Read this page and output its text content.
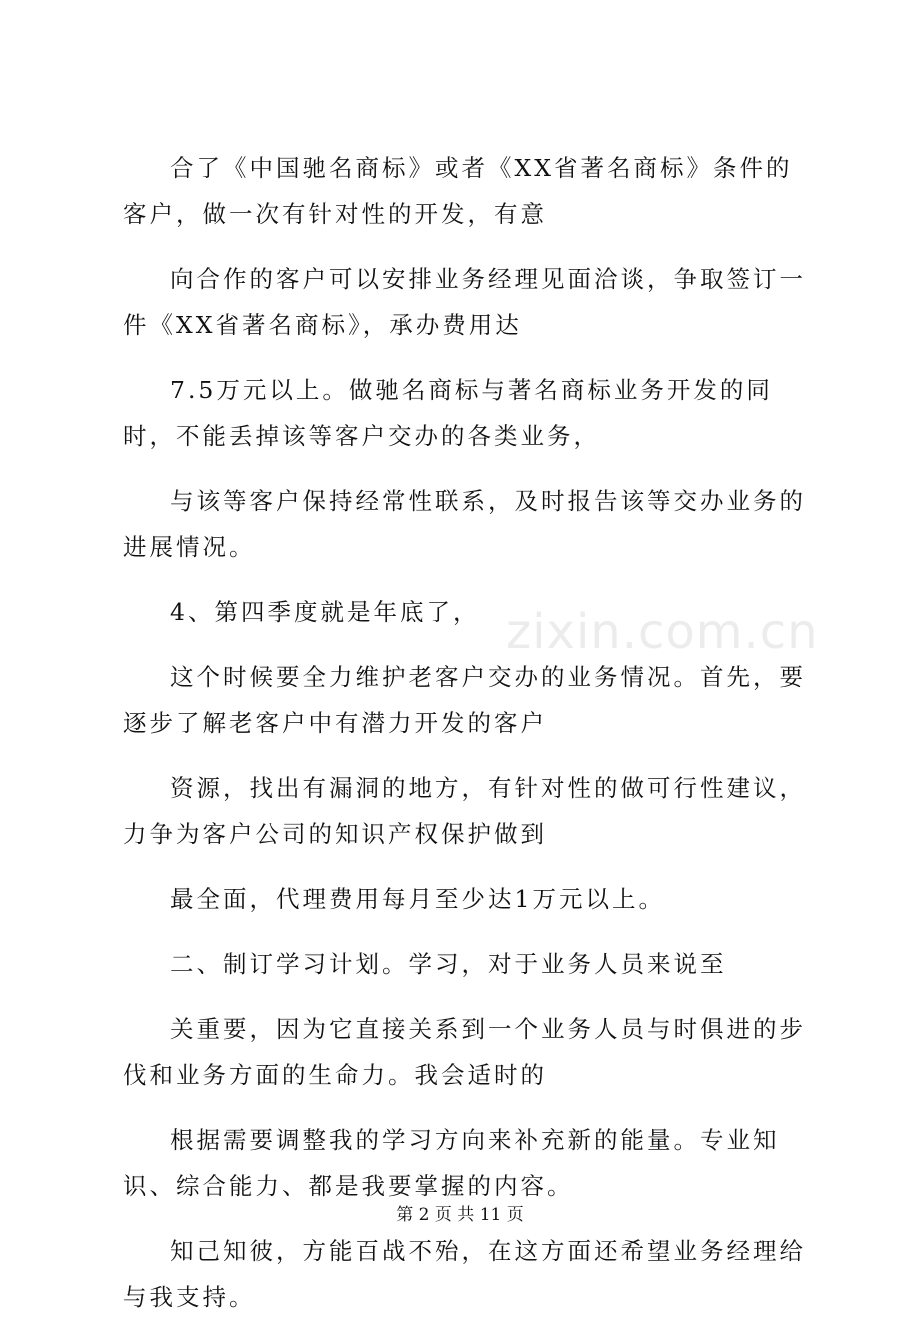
合了《中国驰名商标》或者《XX省著名商标》条件的客户，做一次有针对性的开发，有意

向合作的客户可以安排业务经理见面洽谈，争取签订一件《XX省著名商标》，承办费用达

7.5万元以上。做驰名商标与著名商标业务开发的同时，不能丢掉该等客户交办的各类业务，

与该等客户保持经常性联系，及时报告该等交办业务的进展情况。

4、第四季度就是年底了，

这个时候要全力维护老客户交办的业务情况。首先，要逐步了解老客户中有潜力开发的客户

资源，找出有漏洞的地方，有针对性的做可行性建议，力争为客户公司的知识产权保护做到

最全面，代理费用每月至少达1万元以上。

二、制订学习计划。学习，对于业务人员来说至

关重要，因为它直接关系到一个业务人员与时俱进的步伐和业务方面的生命力。我会适时的

根据需要调整我的学习方向来补充新的能量。专业知识、综合能力、都是我要掌握的内容。

知己知彼，方能百战不殆，在这方面还希望业务经理给与我支持。

zixin.com.cn
第 2 页 共 11 页
